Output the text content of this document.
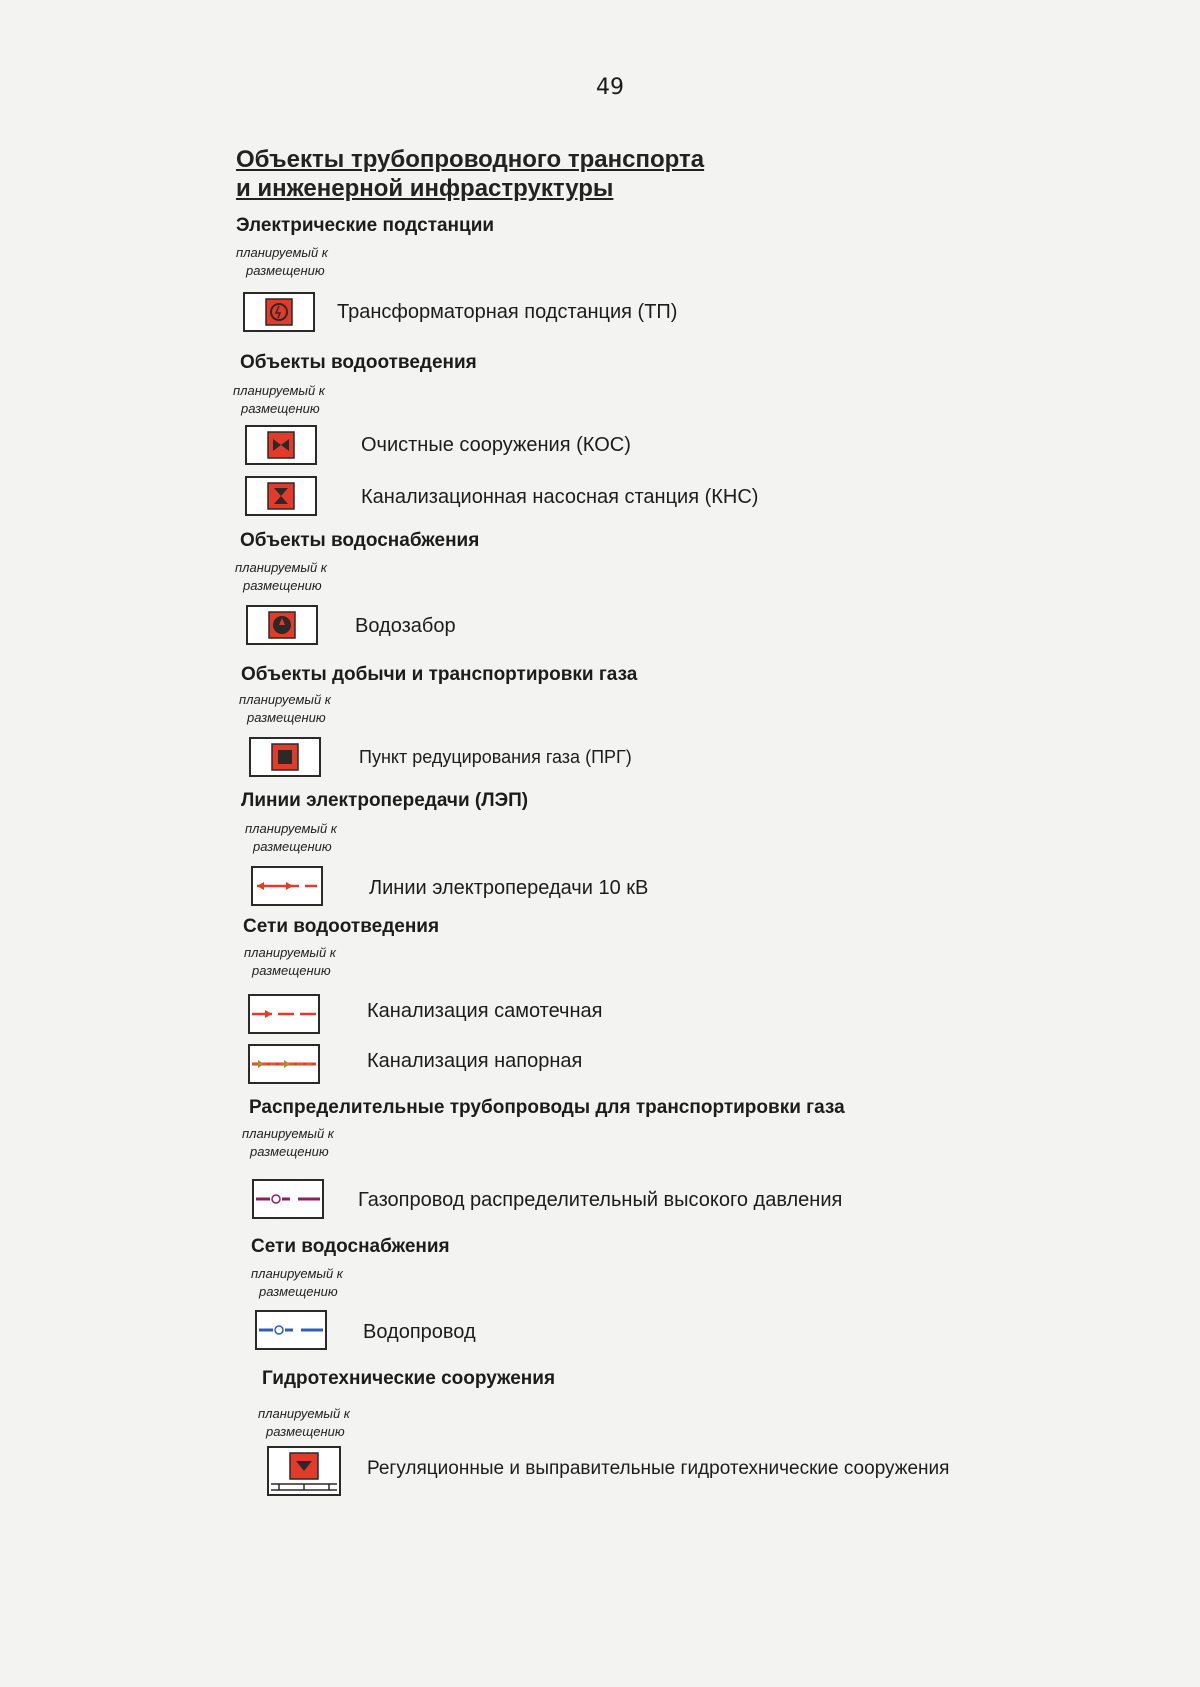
49
Объекты трубопроводного транспорта
и инженерной инфраструктуры
Электрические подстанции
планируемый к
размещению
Трансформаторная подстанция (ТП)
Объекты водоотведения
планируемый к
размещению
Очистные сооружения (КОС)
Канализационная насосная станция (КНС)
Объекты водоснабжения
планируемый к
размещению
Водозабор
Объекты добычи и транспортировки газа
планируемый к
размещению
Пункт редуцирования газа (ПРГ)
Линии электропередачи (ЛЭП)
планируемый к
размещению
Линии электропередачи 10 кВ
Сети водоотведения
планируемый к
размещению
Канализация самотечная
Канализация напорная
Распределительные трубопроводы для транспортировки газа
планируемый к
размещению
Газопровод распределительный высокого давления
Сети водоснабжения
планируемый к
размещению
Водопровод
Гидротехнические сооружения
планируемый к
размещению
Регуляционные и выправительные гидротехнические сооружения
